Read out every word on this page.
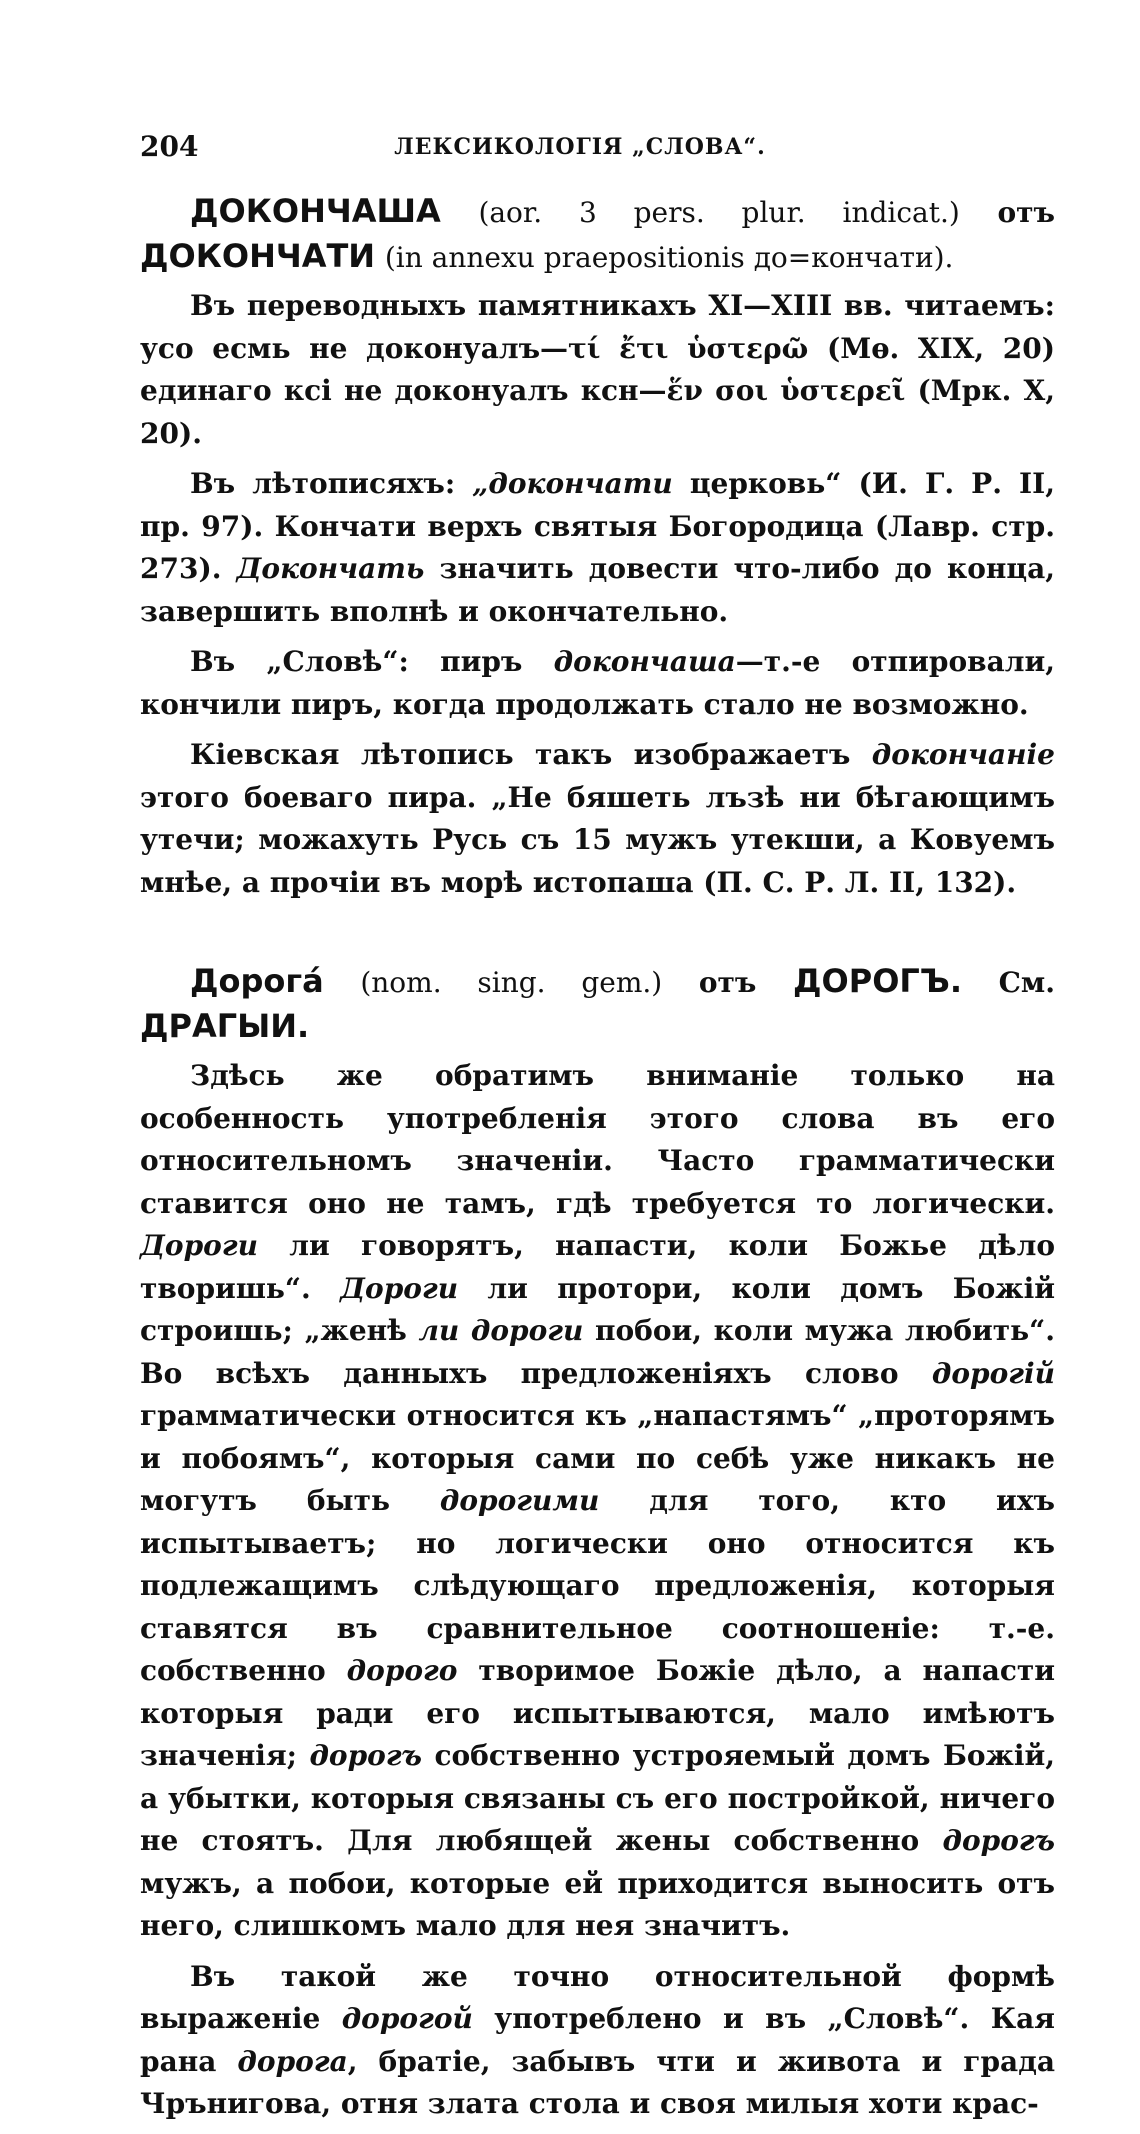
204	ЛЕКСИКОЛОГІЯ „СЛОВА“.

ДОКОНЧАША (aor. 3 pers. plur. indicat.) отъ ДОКОНЧАТИ (in annexu praepositionis до=кончати).

Въ переводныхъ памятникахъ XI—XIII вв. читаемъ: усо есмь не доконуалъ—τί ἔτι ὑστερῶ (Мѳ. XIX, 20) единаго ксі не доконуалъ ксн—ἕν σοι ὑστερεῖ (Мрк. X, 20).

Въ лѣтописяхъ: „докончати церковь“ (И. Г. Р. II, пр. 97). Кончати верхъ святыя Богородица (Лавр. стр. 273). Докончать значить довести что-либо до конца, завершить вполнѣ и окончательно.

Въ „Словѣ“: пиръ докончаша—т.-е отпировали, кончили пиръ, когда продолжать стало не возможно.

Кіевская лѣтопись такъ изображаетъ докончаніе этого боеваго пира. „Не бяшеть лъзѣ ни бѣгающимъ утечи; можахуть Русь съ 15 мужъ утекши, а Ковуемъ мнѣе, а прочіи въ морѣ истопаша (П. С. Р. Л. II, 132).

Дорогá (nom. sing. gem.) отъ ДОРОГЪ. См. ДРАГЫИ.

Здѣсь же обратимъ вниманіе только на особенность употребленія этого слова въ его относительномъ значеніи. Часто грамматически ставится оно не тамъ, гдѣ требуется то логически. Дороги ли говорятъ, напасти, коли Божье дѣло творишь“. Дороги ли протори, коли домъ Божій строишь; „женѣ ли дороги побои, коли мужа любить“. Во всѣхъ данныхъ предложеніяхъ слово дорогій грамматически относится къ „напастямъ“ „проторямъ и побоямъ“, которыя сами по себѣ уже никакъ не могутъ быть дорогими для того, кто ихъ испытываетъ; но логически оно относится къ подлежащимъ слѣдующаго предложенія, которыя ставятся въ сравнительное соотношеніе: т.-е. собственно дорого творимое Божіе дѣло, а напасти которыя ради его испытываются, мало имѣютъ значенія; дорогъ собственно устрояемый домъ Божій, а убытки, которыя связаны съ его постройкой, ничего не стоятъ. Для любящей жены собственно дорогъ мужъ, а побои, которые ей приходится выносить отъ него, слишкомъ мало для нея значитъ.

Въ такой же точно относительной формѣ выраженіе дорогой употреблено и въ „Словѣ“. Кая рана дорога, братіе, забывъ чти и живота и града Чрънигова, отня злата стола и своя милыя хоти крас-
